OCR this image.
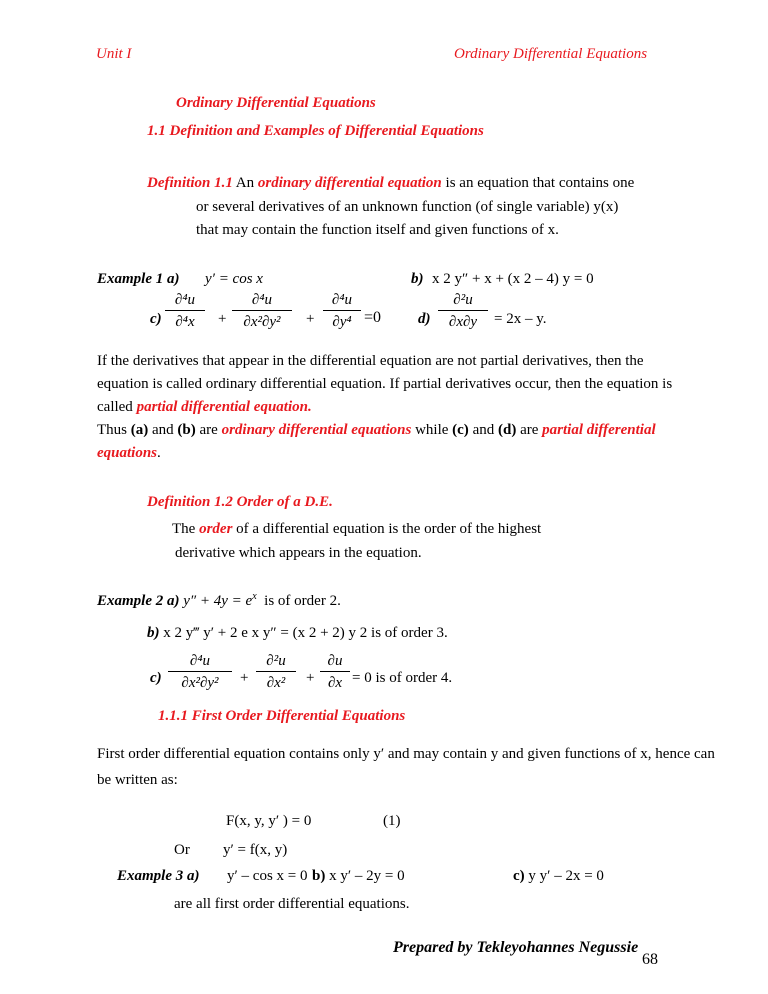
Unit I	Ordinary Differential Equations
Ordinary Differential Equations
1.1 Definition and Examples of Differential Equations
Definition 1.1 An ordinary differential equation is an equation that contains one
or several derivatives of an unknown function (of single variable) y(x)
that may contain the function itself and given functions of x.
Example 1 a) y′ = cos x	b) x 2 y″ + x + (x 2 – 4) y = 0
c)
∂⁴u
∂⁴x	+
∂⁴u
∂x²∂y²	+
∂⁴u
∂y⁴ =0 d)
∂²u
∂x∂y	= 2x – y.
If the derivatives that appear in the differential equation are not partial derivatives, then the equation is called ordinary differential equation. If partial derivatives occur, then the equation is called partial differential equation.
Thus (a) and (b) are ordinary differential equations while (c) and (d) are partial differential equations.
Definition 1.2 Order of a D.E.
The order of a differential equation is the order of the highest
derivative which appears in the equation.
Example 2 a) $y'' + 4y = e^x$ is of order 2.
b) x 2 y‴ y′ + 2 e x y″ = (x 2 + 2) y 2 is of order 3.
c)
∂⁴u
∂x²∂y²	+
∂²u
∂x²	+
∂u
∂x = 0 is of order 4.
1.1.1 First Order Differential Equations
First order differential equation contains only y′ and may contain y and given functions of x, hence can
be written as:
F(x, y, y′ ) = 0	(1)
Or y′ = f(x, y)
Example 3 a) y′ – cos x = 0 b) x y′ – 2y = 0	c) y y′ – 2x = 0
are all first order differential equations.
Prepared by Tekleyohannes Negussie
68
